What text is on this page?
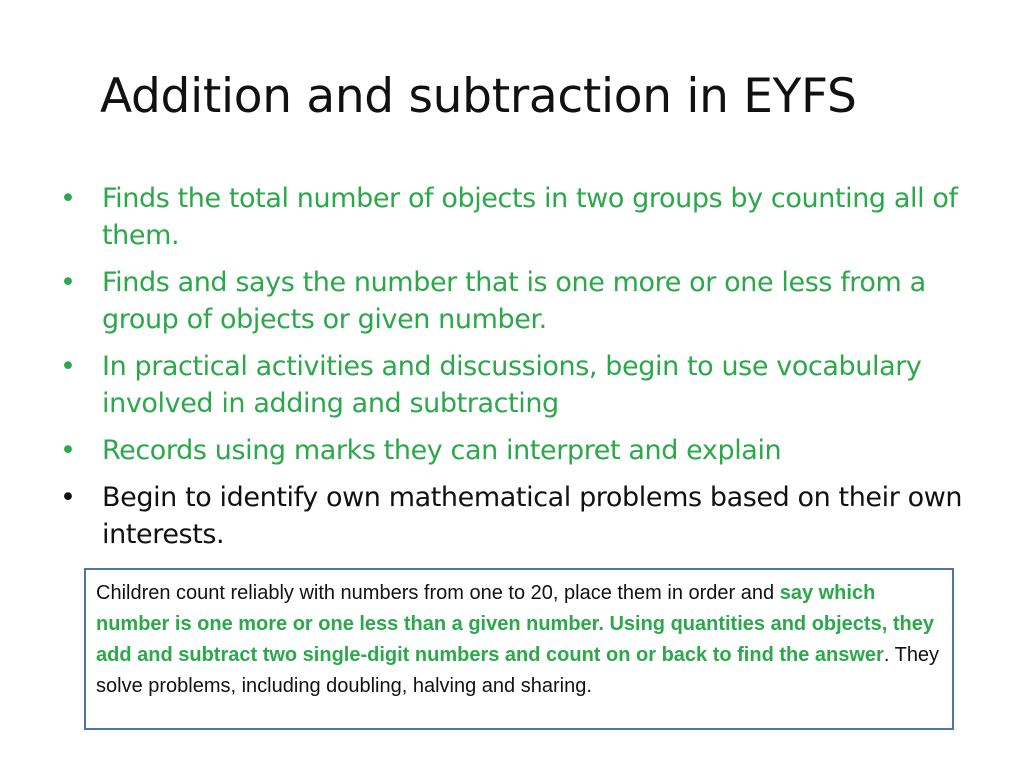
Addition and subtraction in EYFS
• Finds the total number of objects in two groups by counting all of them.
• Finds and says the number that is one more or one less from a group of objects or given number.
• In practical activities and discussions, begin to use vocabulary involved in adding and subtracting
• Records using marks they can interpret and explain
• Begin to identify own mathematical problems based on their own interests.
Children count reliably with numbers from one to 20, place them in order and say which number is one more or one less than a given number. Using quantities and objects, they add and subtract two single-digit numbers and count on or back to find the answer. They solve problems, including doubling, halving and sharing.
